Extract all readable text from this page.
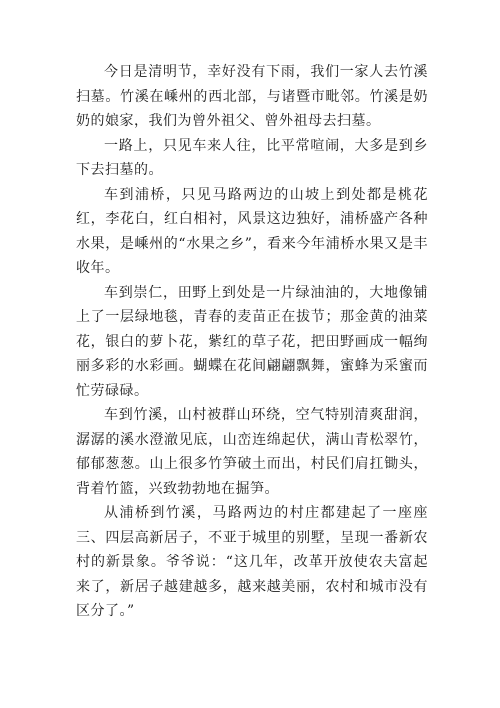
今日是清明节，幸好没有下雨，我们一家人去竹溪扫墓。竹溪在嵊州的西北部，与诸暨市毗邻。竹溪是奶奶的娘家，我们为曾外祖父、曾外祖母去扫墓。

一路上，只见车来人往，比平常喧闹，大多是到乡下去扫墓的。

车到浦桥，只见马路两边的山坡上到处都是桃花红，李花白，红白相衬，风景这边独好，浦桥盛产各种水果，是嵊州的“水果之乡”，看来今年浦桥水果又是丰收年。

车到崇仁，田野上到处是一片绿油油的，大地像铺上了一层绿地毯，青春的麦苗正在拔节；那金黄的油菜花，银白的萝卜花，紫红的草子花，把田野画成一幅绚丽多彩的水彩画。蝴蝶在花间翩翩飘舞，蜜蜂为采蜜而忙劳碌碌。

车到竹溪，山村被群山环绕，空气特别清爽甜润，潺潺的溪水澄澈见底，山峦连绵起伏，满山青松翠竹，郁郁葱葱。山上很多竹笋破土而出，村民们肩扛锄头，背着竹篮，兴致勃勃地在掘笋。

从浦桥到竹溪，马路两边的村庄都建起了一座座三、四层高新居子，不亚于城里的别墅，呈现一番新农村的新景象。爷爷说：“这几年，改革开放使农夫富起来了，新居子越建越多，越来越美丽，农村和城市没有区分了。”
